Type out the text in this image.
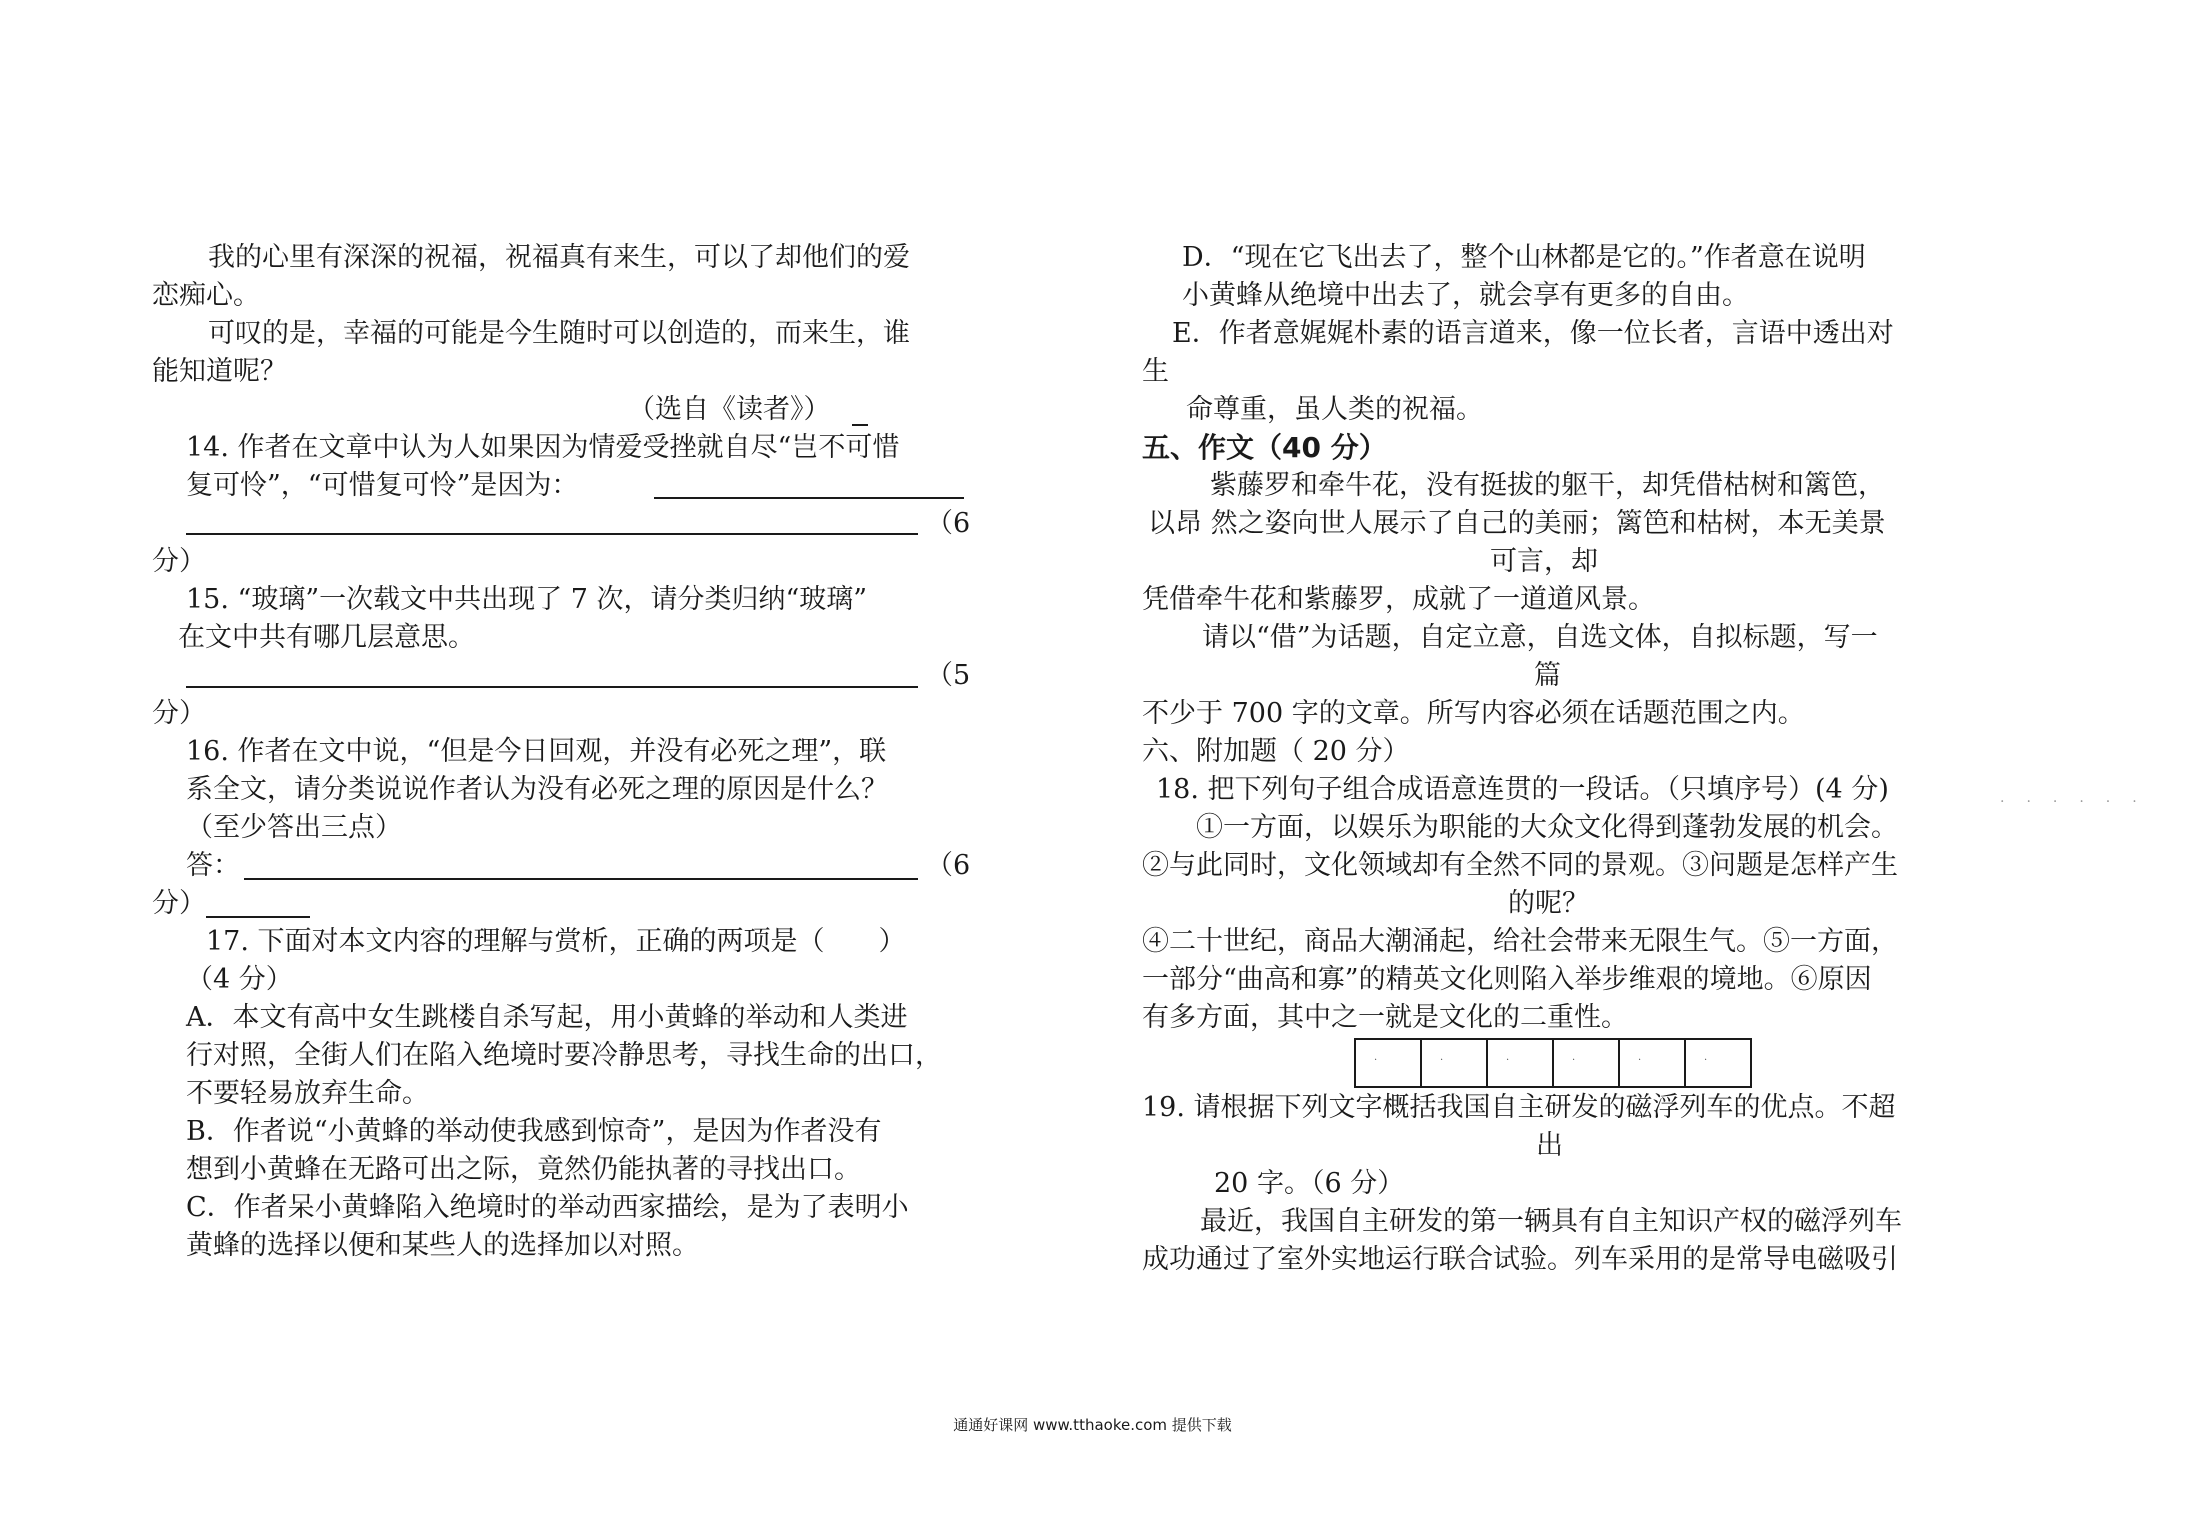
我的心里有深深的祝福，祝福真有来生，可以了却他们的爱
恋痴心。
可叹的是，幸福的可能是今生随时可以创造的，而来生，谁
能知道呢？
（选自《读者》）
14. 作者在文章中认为人如果因为情爱受挫就自尽“岂不可惜
复可怜”，“可惜复可怜”是因为：
（6
分）
15. “玻璃”一次载文中共出现了 7 次，请分类归纳“玻璃”
在文中共有哪几层意思。
（5
分）
16. 作者在文中说，“但是今日回观，并没有必死之理”，联
系全文，请分类说说作者认为没有必死之理的原因是什么？
（至少答出三点）
答：	（6
分）
17. 下面对本文内容的理解与赏析，正确的两项是（　　）
（4 分）
A．本文有高中女生跳楼自杀写起，用小黄蜂的举动和人类进
行对照，全街人们在陷入绝境时要冷静思考，寻找生命的出口，
不要轻易放弃生命。
B．作者说“小黄蜂的举动使我感到惊奇”，是因为作者没有
想到小黄蜂在无路可出之际，竟然仍能执著的寻找出口。
C．作者呆小黄蜂陷入绝境时的举动西家描绘，是为了表明小
黄蜂的选择以便和某些人的选择加以对照。
D．“现在它飞出去了，整个山林都是它的。”作者意在说明
小黄蜂从绝境中出去了，就会享有更多的自由。
E．作者意娓娓朴素的语言道来，像一位长者，言语中透出对
生
命尊重，虽人类的祝福。
五、作文（40 分）
紫藤罗和牵牛花，没有挺拔的躯干，却凭借枯树和篱笆，
以昂 然之姿向世人展示了自己的美丽；篱笆和枯树，本无美景
可言，却
凭借牵牛花和紫藤罗，成就了一道道风景。
请以“借”为话题，自定立意，自选文体，自拟标题，写一
篇
不少于 700 字的文章。所写内容必须在话题范围之内。
六、附加题（ 20 分）
18. 把下列句子组合成语意连贯的一段话。（只填序号）(4 分)	......
①一方面，以娱乐为职能的大众文化得到蓬勃发展的机会。
②与此同时，文化领域却有全然不同的景观。③问题是怎样产生
的呢？
④二十世纪，商品大潮涌起，给社会带来无限生气。⑤一方面，
一部分“曲高和寡”的精英文化则陷入举步维艰的境地。⑥原因
有多方面，其中之一就是文化的二重性。
.
.
.
.
.
.
19. 请根据下列文字概括我国自主研发的磁浮列车的优点。不超
出
20 字。（6 分）
最近，我国自主研发的第一辆具有自主知识产权的磁浮列车
成功通过了室外实地运行联合试验。列车采用的是常导电磁吸引
通通好课网 www.tthaoke.com 提供下载
